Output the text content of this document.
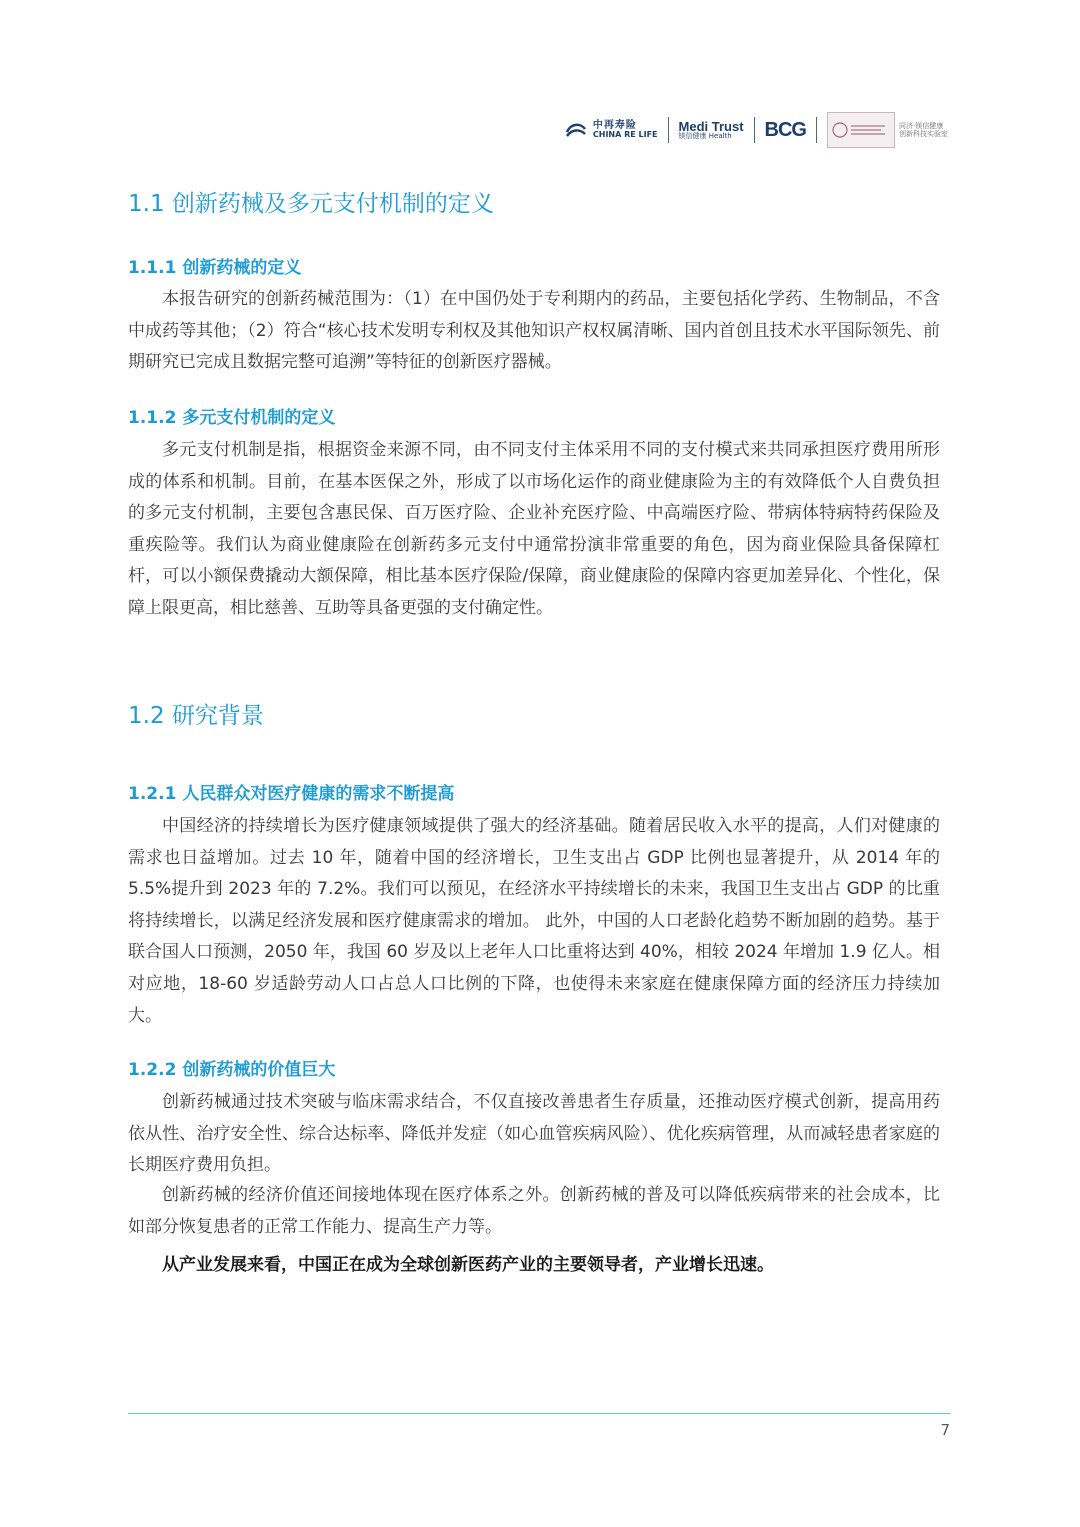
中再寿险
CHINA RE LIFE
Medi Trust
镁信健康 Health	BCG	同济·镁信健康
创新科技实验室
1.1 创新药械及多元支付机制的定义
1.1.1 创新药械的定义

本报告研究的创新药械范围为：（1）在中国仍处于专利期内的药品，主要包括化学药、生物制品，不含中成药等其他；（2）符合“核心技术发明专利权及其他知识产权权属清晰、国内首创且技术水平国际领先、前期研究已完成且数据完整可追溯”等特征的创新医疗器械。

1.1.2 多元支付机制的定义

多元支付机制是指，根据资金来源不同，由不同支付主体采用不同的支付模式来共同承担医疗费用所形成的体系和机制。目前，在基本医保之外，形成了以市场化运作的商业健康险为主的有效降低个人自费负担的多元支付机制，主要包含惠民保、百万医疗险、企业补充医疗险、中高端医疗险、带病体特病特药保险及重疾险等。我们认为商业健康险在创新药多元支付中通常扮演非常重要的角色，因为商业保险具备保障杠杆，可以小额保费撬动大额保障，相比基本医疗保险/保障，商业健康险的保障内容更加差异化、个性化，保障上限更高，相比慈善、互助等具备更强的支付确定性。

1.2 研究背景
1.2.1 人民群众对医疗健康的需求不断提高

中国经济的持续增长为医疗健康领域提供了强大的经济基础。随着居民收入水平的提高，人们对健康的需求也日益增加。过去 10 年，随着中国的经济增长，卫生支出占 GDP 比例也显著提升，从 2014 年的 5.5%提升到 2023 年的 7.2%。我们可以预见，在经济水平持续增长的未来，我国卫生支出占 GDP 的比重将持续增长，以满足经济发展和医疗健康需求的增加。 此外，中国的人口老龄化趋势不断加剧的趋势。基于联合国人口预测，2050 年，我国 60 岁及以上老年人口比重将达到 40%，相较 2024 年增加 1.9 亿人。相对应地，18-60 岁适龄劳动人口占总人口比例的下降，也使得未来家庭在健康保障方面的经济压力持续加大。

1.2.2 创新药械的价值巨大

创新药械通过技术突破与临床需求结合，不仅直接改善患者生存质量，还推动医疗模式创新，提高用药依从性、治疗安全性、综合达标率、降低并发症（如心血管疾病风险）、优化疾病管理，从而减轻患者家庭的长期医疗费用负担。

创新药械的经济价值还间接地体现在医疗体系之外。创新药械的普及可以降低疾病带来的社会成本，比如部分恢复患者的正常工作能力、提高生产力等。

从产业发展来看，中国正在成为全球创新医药产业的主要领导者，产业增长迅速。

7
